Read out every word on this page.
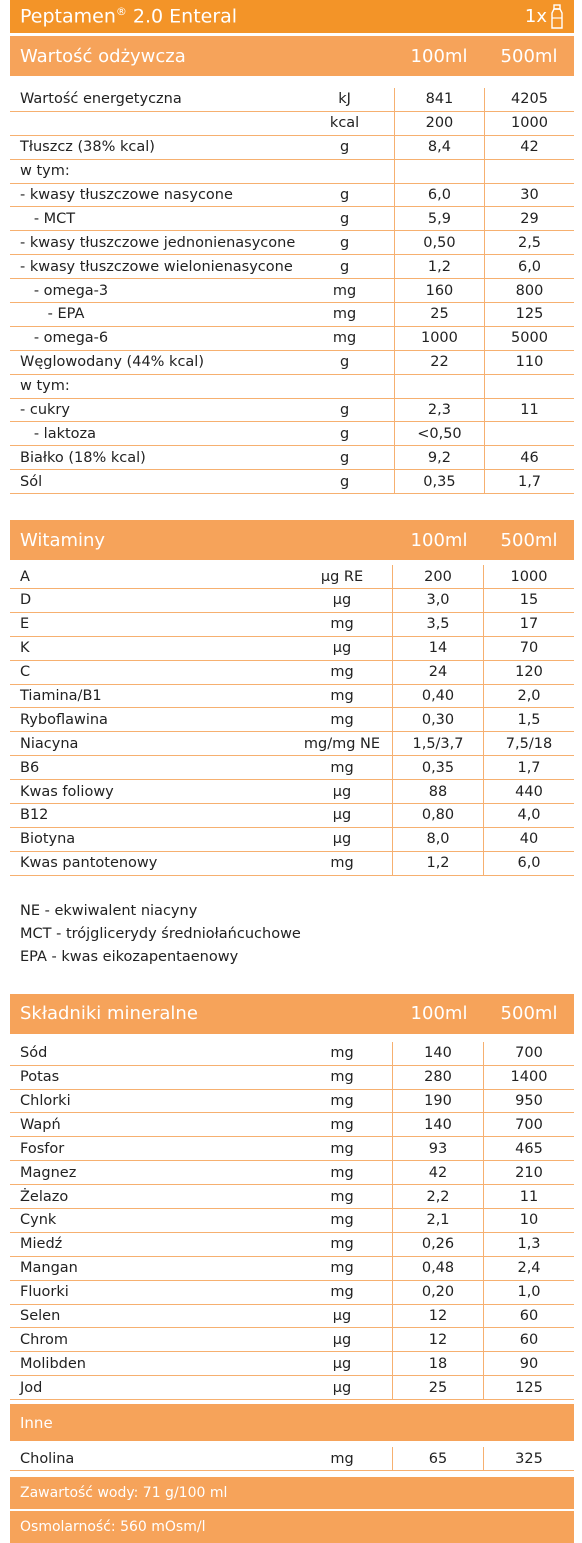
Peptamen® 2.0 Enteral	1x
Wartość odżywcza	100ml	500ml
Wartość energetyczna	kJ	841	4205
	kcal	200	1000
Tłuszcz (38% kcal)	g	8,4	42
w tym:			
- kwasy tłuszczowe nasycone	g	6,0	30
- MCT	g	5,9	29
- kwasy tłuszczowe jednonienasycone	g	0,50	2,5
- kwasy tłuszczowe wielonienasycone	g	1,2	6,0
- omega-3	mg	160	800
- EPA	mg	25	125
- omega-6	mg	1000	5000
Węglowodany (44% kcal)	g	22	110
w tym:			
- cukry	g	2,3	11
- laktoza	g	<0,50	
Białko (18% kcal)	g	9,2	46
Sól	g	0,35	1,7
Witaminy	100ml	500ml
A	µg RE	200	1000
D	µg	3,0	15
E	mg	3,5	17
K	µg	14	70
C	mg	24	120
Tiamina/B1	mg	0,40	2,0
Ryboflawina	mg	0,30	1,5
Niacyna	mg/mg NE	1,5/3,7	7,5/18
B6	mg	0,35	1,7
Kwas foliowy	µg	88	440
B12	µg	0,80	4,0
Biotyna	µg	8,0	40
Kwas pantotenowy	mg	1,2	6,0
NE - ekwiwalent niacyny
MCT - trójglicerydy średniołańcuchowe
EPA - kwas eikozapentaenowy
Składniki mineralne	100ml	500ml
Sód	mg	140	700
Potas	mg	280	1400
Chlorki	mg	190	950
Wapń	mg	140	700
Fosfor	mg	93	465
Magnez	mg	42	210
Żelazo	mg	2,2	11
Cynk	mg	2,1	10
Miedź	mg	0,26	1,3
Mangan	mg	0,48	2,4
Fluorki	mg	0,20	1,0
Selen	µg	12	60
Chrom	µg	12	60
Molibden	µg	18	90
Jod	µg	25	125
Inne
Cholina	mg	65	325
Zawartość wody: 71 g/100 ml
Osmolarność: 560 mOsm/l
